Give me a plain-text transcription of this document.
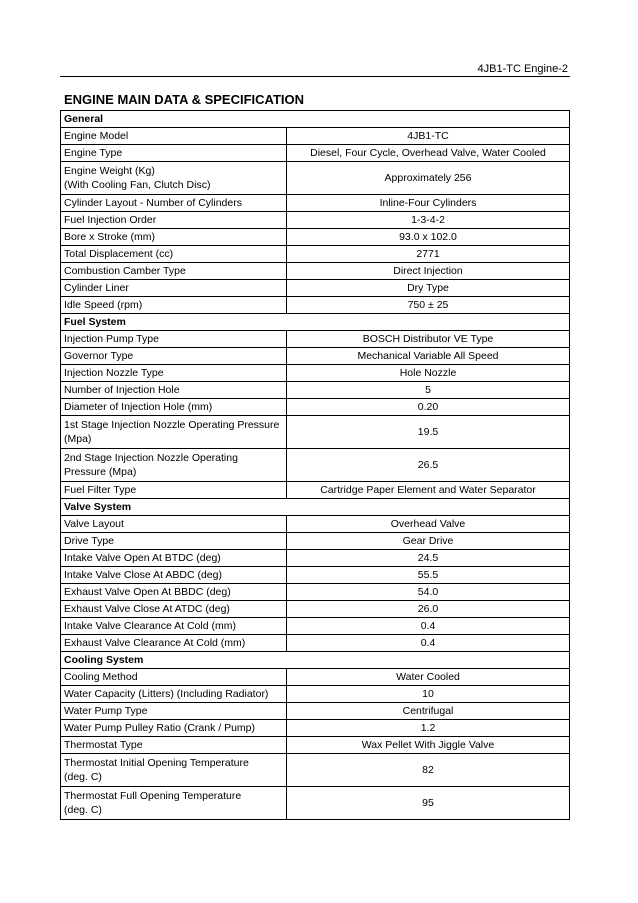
4JB1-TC Engine-2
ENGINE MAIN DATA & SPECIFICATION
General	

Engine Model	4JB1-TC

Engine Type	Diesel, Four Cycle, Overhead Valve, Water Cooled

Engine Weight (Kg)
(With Cooling Fan, Clutch Disc)	Approximately 256

Cylinder Layout - Number of Cylinders	Inline-Four Cylinders

Fuel Injection Order	1-3-4-2

Bore x Stroke (mm)	93.0 x 102.0

Total Displacement (cc)	2771

Combustion Camber Type	Direct Injection

Cylinder Liner	Dry Type

Idle Speed (rpm)	750 ± 25
Fuel System	

Injection Pump Type	BOSCH Distributor VE Type

Governor Type	Mechanical Variable All Speed

Injection Nozzle Type	Hole Nozzle

Number of Injection Hole	5

Diameter of Injection Hole (mm)	0.20

1st Stage Injection Nozzle Operating Pressure
(Mpa)	19.5

2nd Stage Injection Nozzle Operating
Pressure (Mpa)	26.5

Fuel Filter Type	Cartridge Paper Element and Water Separator
Valve System	

Valve Layout	Overhead Valve

Drive Type	Gear Drive

Intake Valve Open At BTDC (deg)	24.5

Intake Valve Close At ABDC (deg)	55.5

Exhaust Valve Open At BBDC (deg)	54.0

Exhaust Valve Close At ATDC (deg)	26.0

Intake Valve Clearance At Cold (mm)	0.4

Exhaust Valve Clearance At Cold (mm)	0.4
Cooling System	

Cooling Method	Water Cooled

Water Capacity (Litters) (Including Radiator)	10

Water Pump Type	Centrifugal

Water Pump Pulley Ratio (Crank / Pump)	1.2

Thermostat Type	Wax Pellet With Jiggle Valve

Thermostat Initial Opening Temperature
(deg. C)	82

Thermostat Full Opening Temperature
(deg. C)	95
